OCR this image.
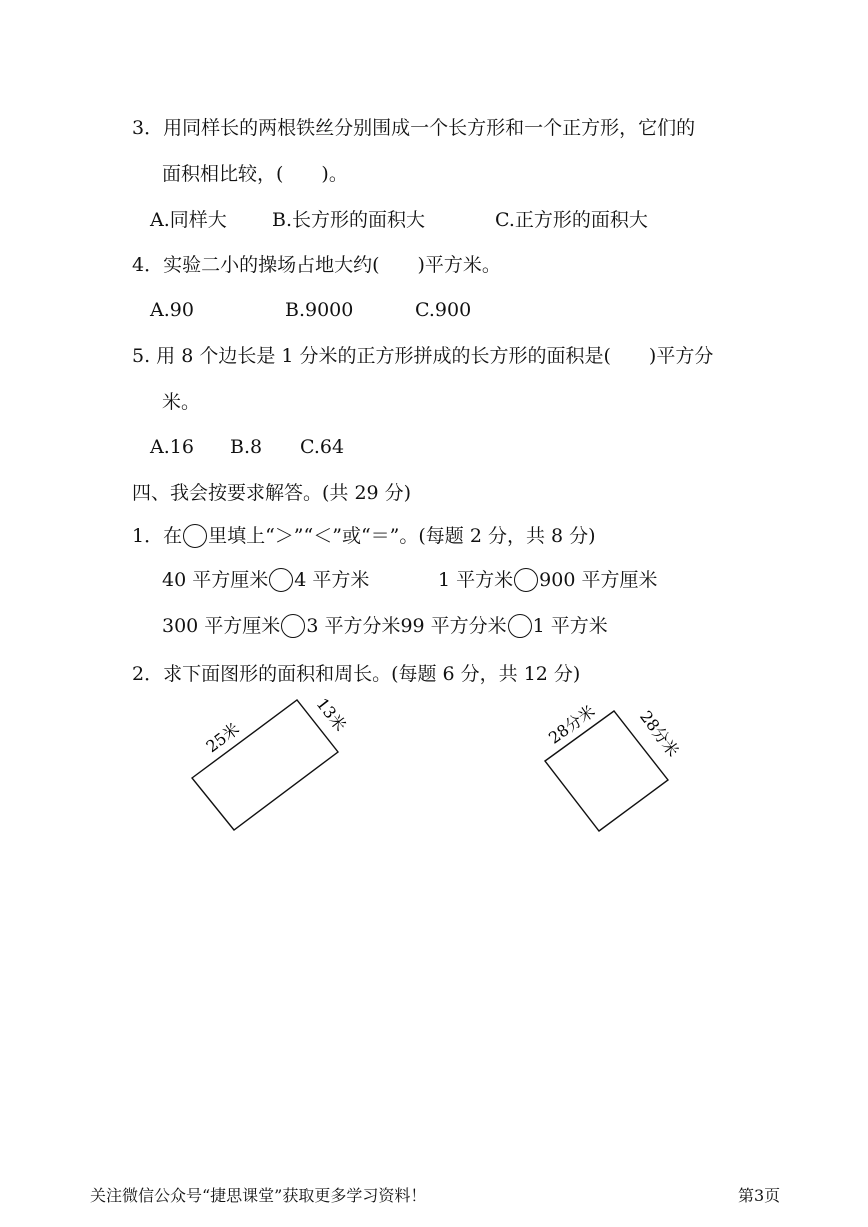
3．用同样长的两根铁丝分别围成一个长方形和一个正方形，它们的
面积相比较，(　　)。
A.同样大 B.长方形的面积大	C.正方形的面积大
4．实验二小的操场占地大约(　　)平方米。
A.90	B.9000	C.900
5. 用 8 个边长是 1 分米的正方形拼成的长方形的面积是(　　)平方分
米。
A.16 B.8 C.64
四、我会按要求解答。(共 29 分)
1．在 里填上“＞”“＜”或“＝”。(每题 2 分，共 8 分)
40 平方厘米 4 平方米	1 平方米 900 平方厘米
300 平方厘米 3 平方分米99 平方分米 1 平方米
2．求下面图形的面积和周长。(每题 6 分，共 12 分)
25米
13米	28分米 28分米
关注微信公众号“捷思课堂”获取更多学习资料！	第3页
